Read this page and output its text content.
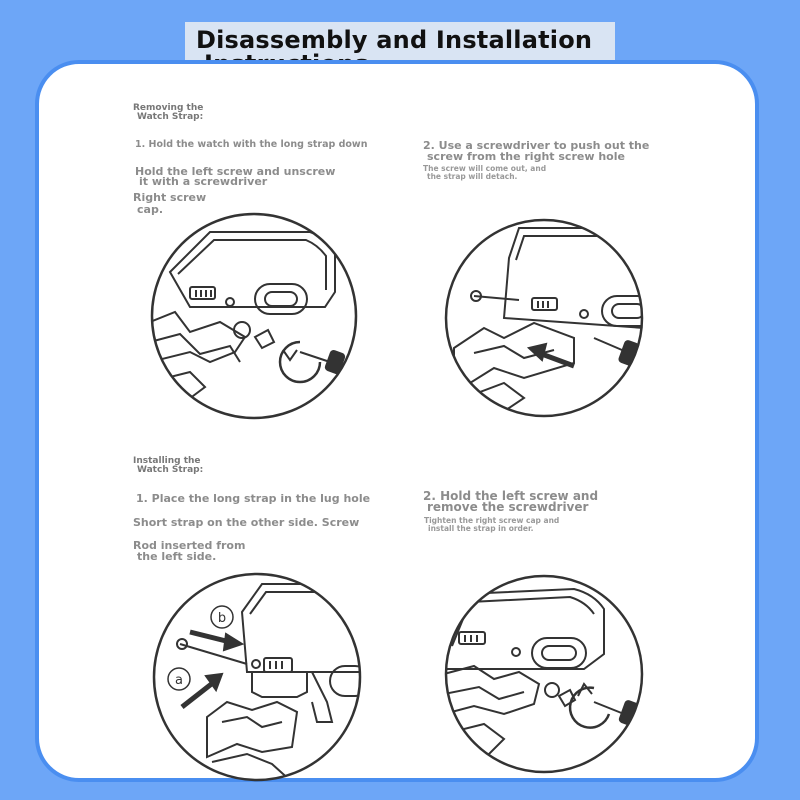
Disassembly and Installation
Removing the

Watch Strap:
1. Hold the watch with the long strap down
Hold the left screw and unscrew

it with a screwdriver
Right screw

cap.
2. Use a screwdriver to push out the

screw from the right screw hole
The screw will come out, and

the strap will detach.
Installing the

Watch Strap:
1. Place the long strap in the lug hole
Short strap on the other side. Screw
Rod inserted from

the left side.
2. Hold the left screw and

remove the screwdriver
Tighten the right screw cap and

install the strap in order.
b
a
